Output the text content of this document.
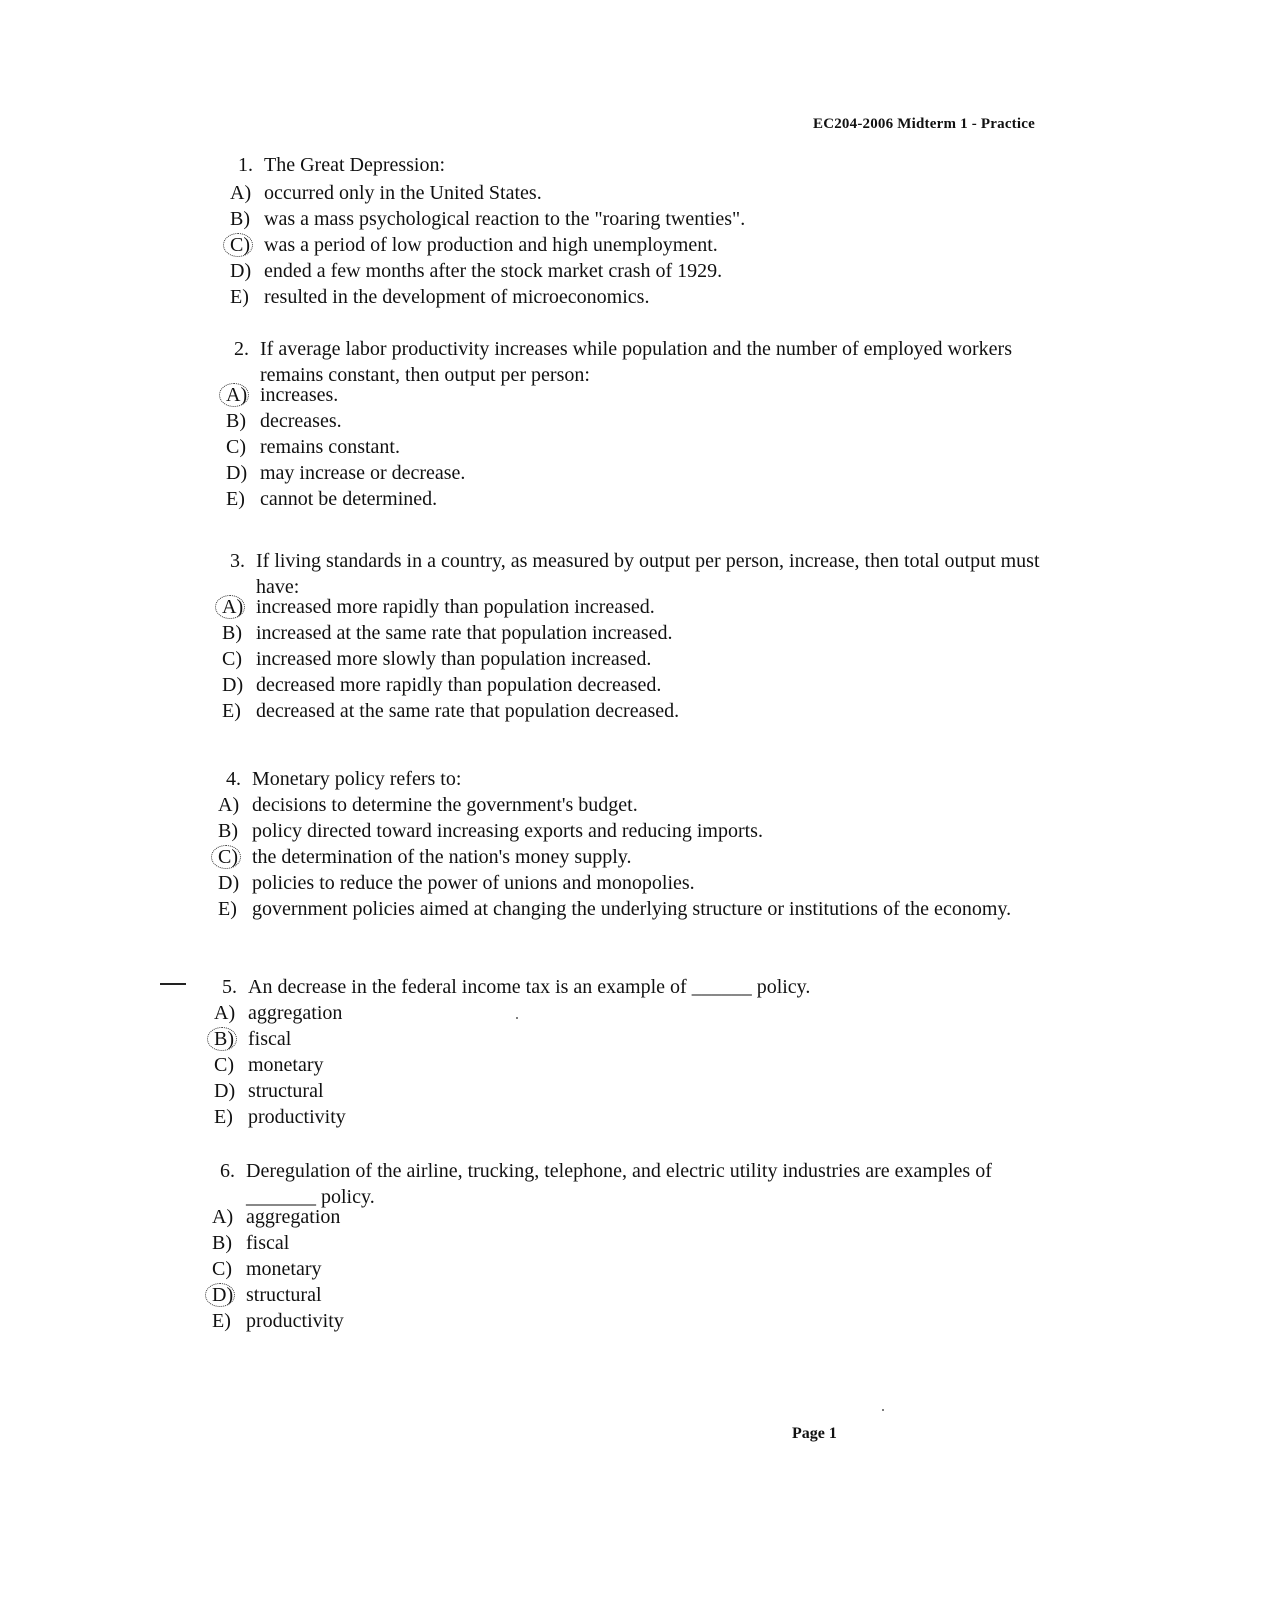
EC204-2006 Midterm 1 - Practice
1. The Great Depression:
A) occurred only in the United States.
B) was a mass psychological reaction to the "roaring twenties".
C) was a period of low production and high unemployment.
D) ended a few months after the stock market crash of 1929.
E) resulted in the development of microeconomics.
2. If average labor productivity increases while population and the number of employed workers remains constant, then output per person:
A) increases.
B) decreases.
C) remains constant.
D) may increase or decrease.
E) cannot be determined.
3. If living standards in a country, as measured by output per person, increase, then total output must have:
A) increased more rapidly than population increased.
B) increased at the same rate that population increased.
C) increased more slowly than population increased.
D) decreased more rapidly than population decreased.
E) decreased at the same rate that population decreased.
4. Monetary policy refers to:
A) decisions to determine the government's budget.
B) policy directed toward increasing exports and reducing imports.
C) the determination of the nation's money supply.
D) policies to reduce the power of unions and monopolies.
E) government policies aimed at changing the underlying structure or institutions of the economy.
5. An decrease in the federal income tax is an example of ______ policy.
A) aggregation
B) fiscal
C) monetary
D) structural
E) productivity
6. Deregulation of the airline, trucking, telephone, and electric utility industries are examples of _______ policy.
A) aggregation
B) fiscal
C) monetary
D) structural
E) productivity
Page 1
